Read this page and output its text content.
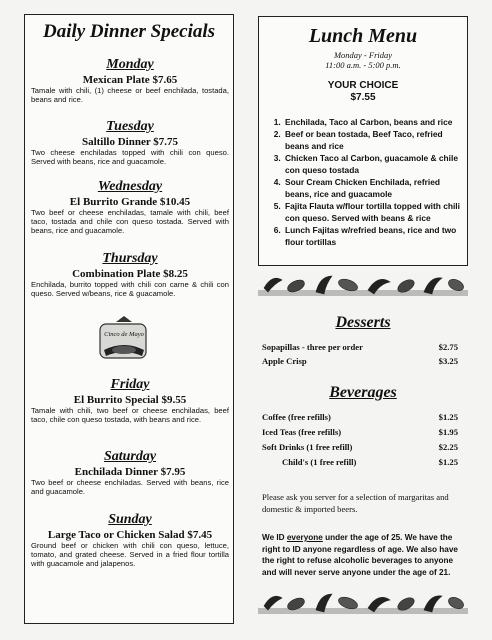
Daily Dinner Specials

Monday

Mexican Plate $7.65

Tamale with chili, (1) cheese or beef enchilada, tostada, beans and rice.

Tuesday

Saltillo Dinner $7.75

Two cheese enchiladas topped with chili con queso. Served with beans, rice and guacamole.

Wednesday

El Burrito Grande $10.45

Two beef or cheese enchiladas, tamale with chili, beef taco, tostada and chile con queso tostada. Served with beans, rice and guacamole.

Thursday

Combination Plate $8.25

Enchilada, burrito topped with chili con carne & chili con queso. Served w/beans, rice & guacamole.

Friday

El Burrito Special $9.55

Tamale with chili, two beef or cheese enchiladas, beef taco, chile con queso tostada, with beans and rice.

Saturday

Enchilada Dinner $7.95

Two beef or cheese enchiladas. Served with beans, rice and guacamole.

Sunday

Large Taco or Chicken Salad $7.45

Ground beef or chicken with chili con queso, lettuce, tomato, and grated cheese. Served in a fried flour tortilla with guacamole and jalapenos.

Cinco de Mayo
Lunch Menu

Monday - Friday

11:00 a.m. - 5:00 p.m.

YOUR CHOICE
$7.55
1. Enchilada, Taco al Carbon, beans and rice
2. Beef or bean tostada, Beef Taco, refried beans and rice
3. Chicken Taco al Carbon, guacamole & chile con queso tostada
4. Sour Cream Chicken Enchilada, refried beans, rice and guacamole
5. Fajita Flauta w/flour tortilla topped with chili con queso. Served with beans & rice
6. Lunch Fajitas w/refried beans, rice and two flour tortillas
Desserts
Sopapillas - three per order	$2.75
Apple Crisp	$3.25
Beverages
Coffee (free refills)	$1.25
Iced Teas (free refills)	$1.95
Soft Drinks (1 free refill)	$2.25
Child's (1 free refill)	$1.25
Please ask you server for a selection of margaritas and domestic & imported beers.
We ID everyone under the age of 25. We have the right to ID anyone regardless of age. We also have the right to refuse alcoholic beverages to anyone and will never serve anyone under the age of 21.
